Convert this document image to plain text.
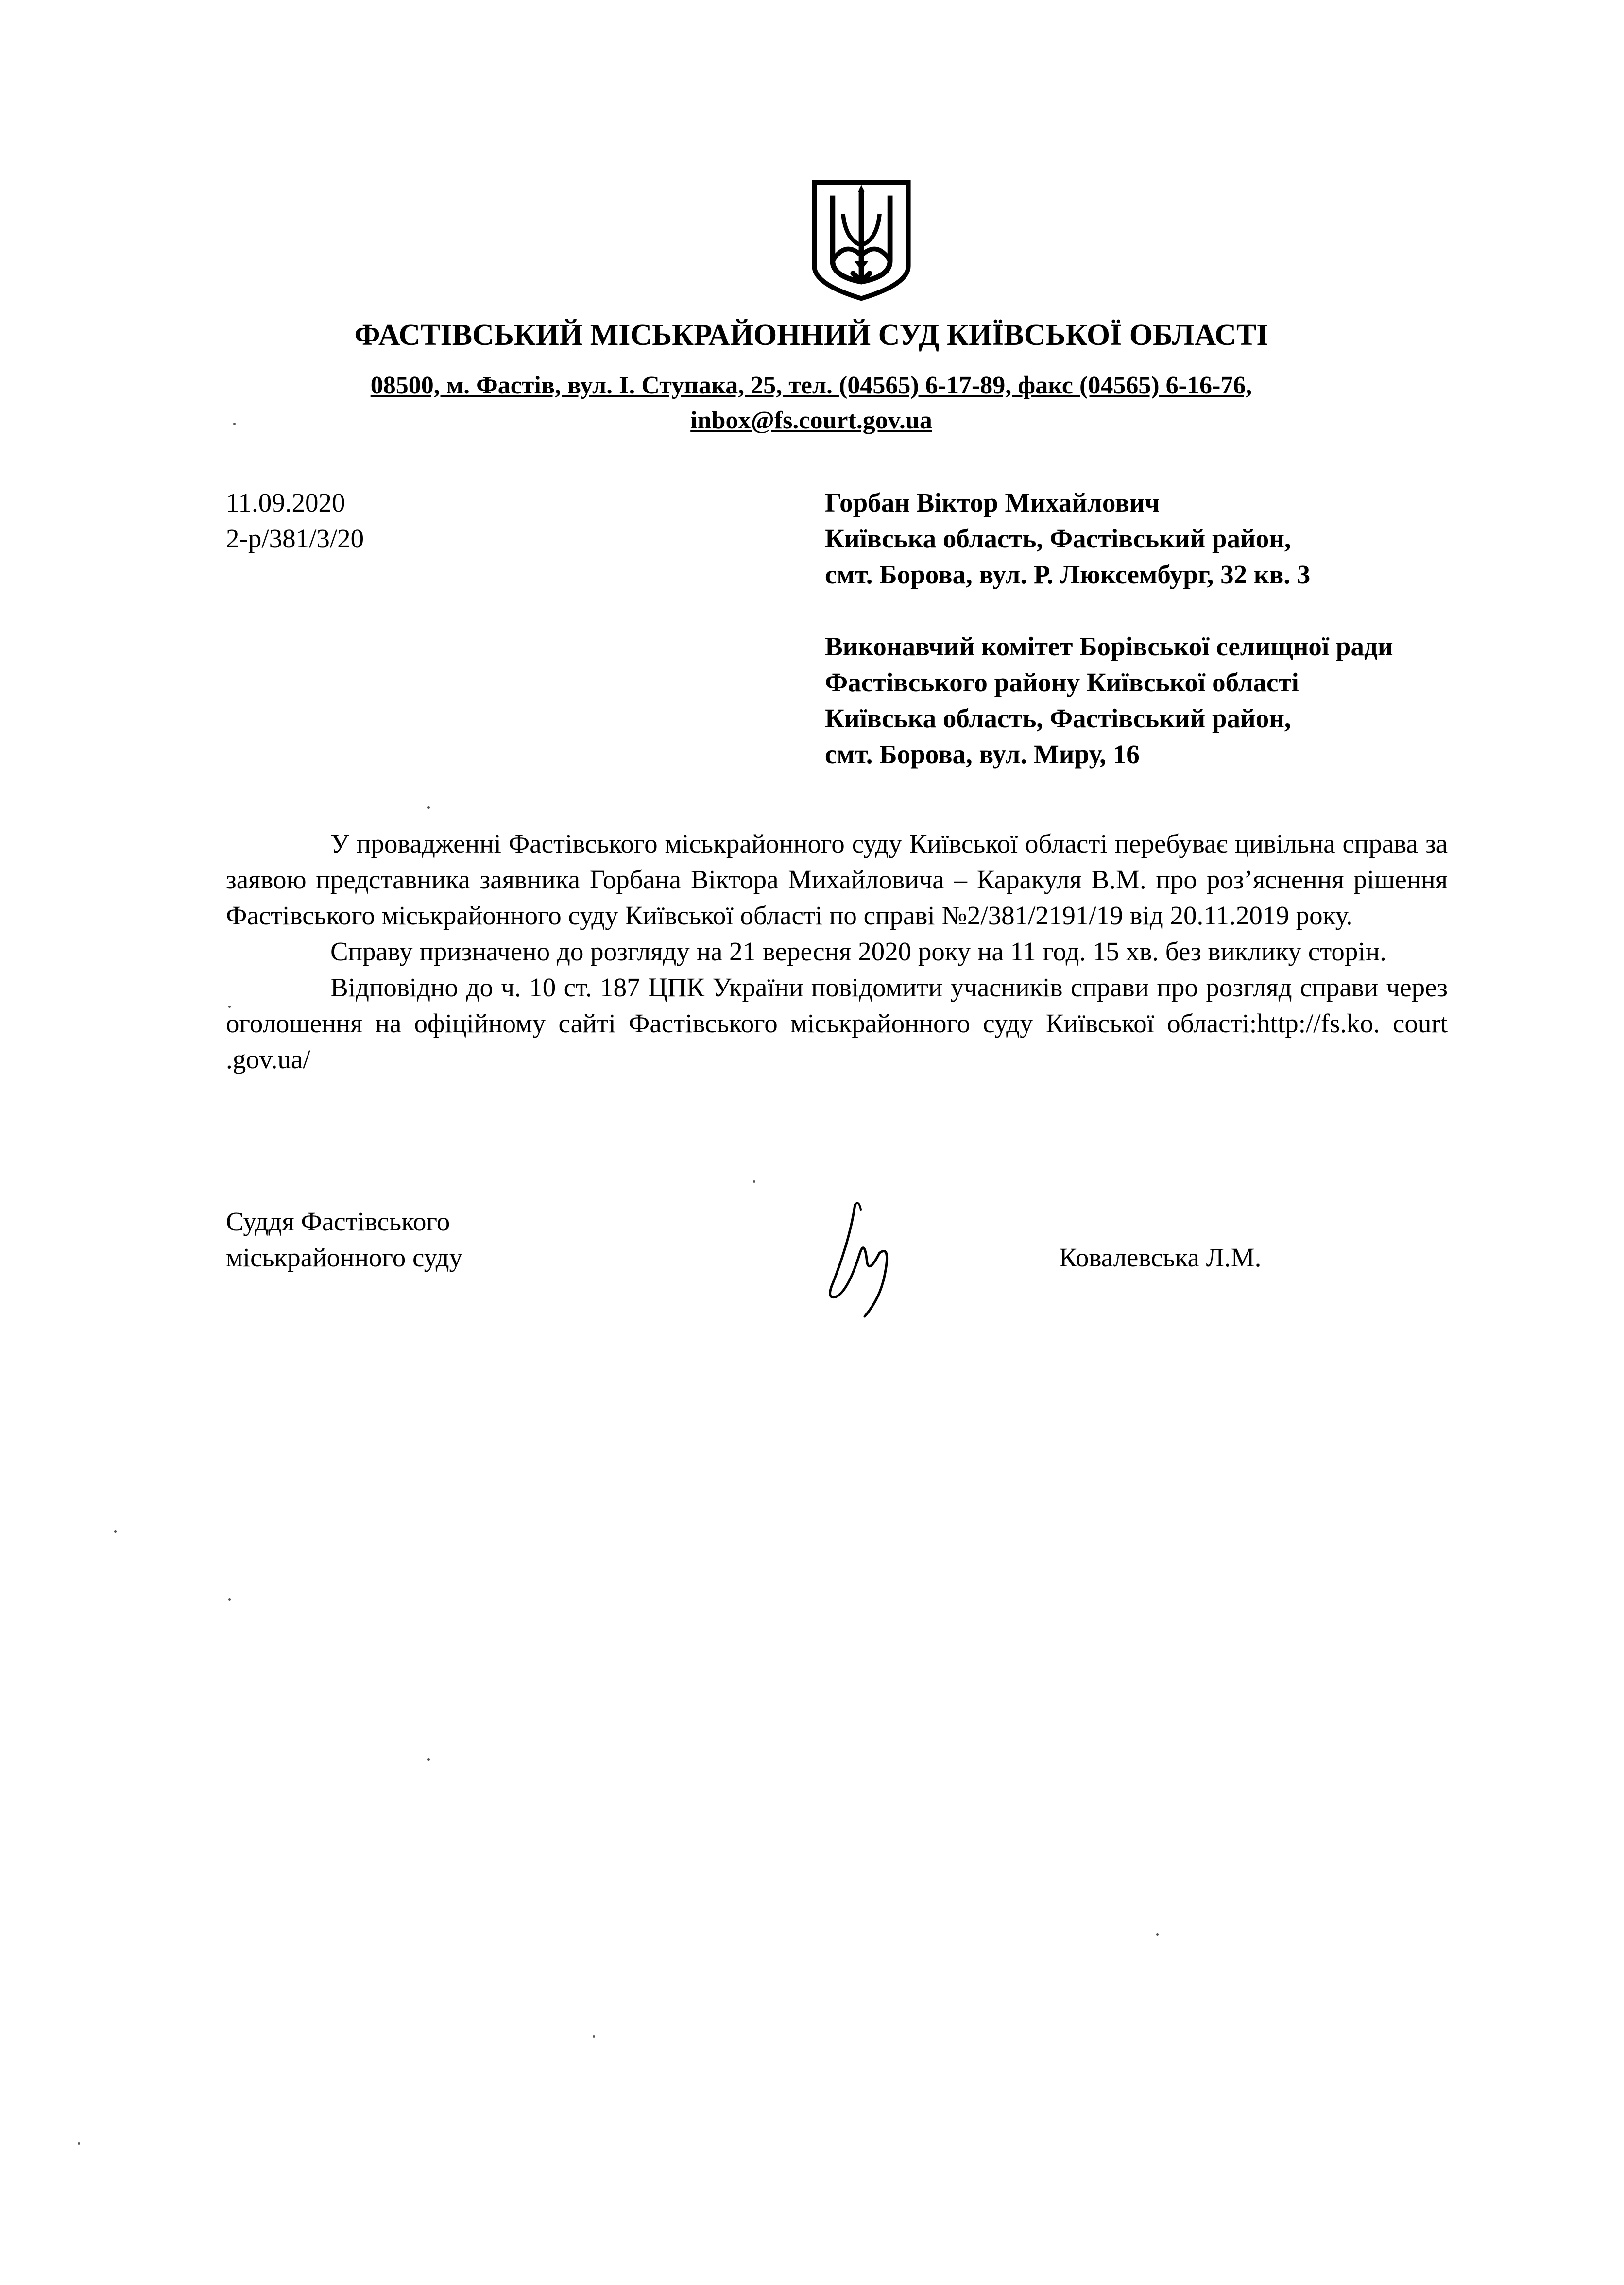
ФАСТІВСЬКИЙ МІСЬКРАЙОННИЙ СУД КИЇВСЬКОЇ ОБЛАСТІ
08500, м. Фастів, вул. І. Ступака, 25, тел. (04565) 6-17-89, факс (04565) 6-16-76,
inbox@fs.court.gov.ua
11.09.2020
2-р/381/3/20
Горбан Віктор Михайлович
Київська область, Фастівський район,
смт. Борова, вул. Р. Люксембург, 32 кв. 3
Виконавчий комітет Борівської селищної ради
Фастівського району Київської області
Київська область, Фастівський район,
смт. Борова, вул. Миру, 16

У провадженні Фастівського міськрайонного суду Київської області перебуває цивільна справа за заявою представника заявника Горбана Віктора Михайловича – Каракуля В.М. про роз’яснення рішення Фастівського міськрайонного суду Київської області по справі №2/381/2191/19 від 20.11.2019 року.

Справу призначено до розгляду на 21 вересня 2020 року на 11 год. 15 хв. без виклику сторін.

Відповідно до ч. 10 ст. 187 ЦПК України повідомити учасників справи про розгляд справи через оголошення на офіційному сайті Фастівського міськрайонного суду Київської області:http://fs.ko. court .gov.ua/

Суддя Фастівського
міськрайонного суду	Ковалевська Л.М.
